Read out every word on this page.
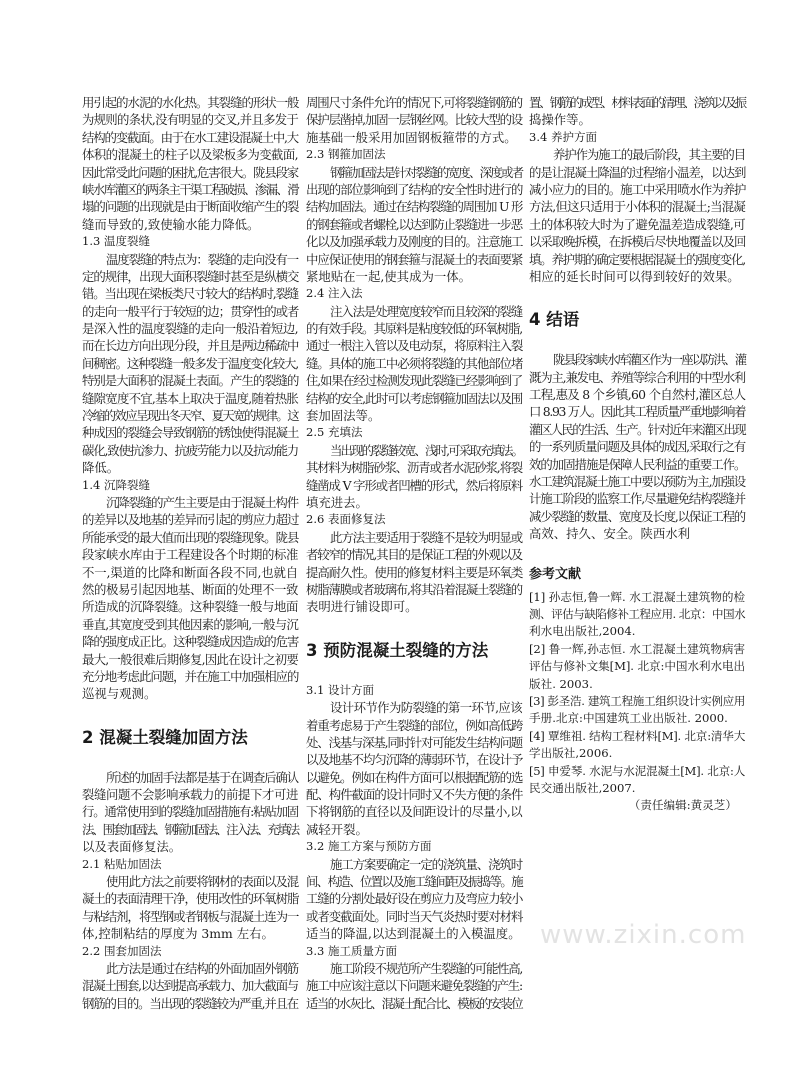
用引起的水泥的水化热。其裂缝的形状一般
为规则的条状,没有明显的交叉,并且多发于
结构的变截面。由于在水工建设混凝土中,大
体积的混凝土的柱子以及梁板多为变截面,
因此常受此问题的困扰,危害很大。陇县段家
峡水库灌区的两条主干渠工程破损、渗漏、滑
塌的问题的出现就是由于断面收缩产生的裂
缝而导致的,致使输水能力降低。
1.3 温度裂缝
温度裂缝的特点为：裂缝的走向没有一
定的规律，出现大面积裂缝时甚至是纵横交
错。当出现在梁板类尺寸较大的结构时,裂缝
的走向一般平行于较短的边；贯穿性的或者
是深入性的温度裂缝的走向一般沿着短边,
而在长边方向出现分段，并且是两边稀疏中
间稠密。这种裂缝一般多发于温度变化较大,
特别是大面积的混凝土表面。产生的裂缝的
缝隙宽度不宜,基本上取决于温度,随着热胀
冷缩的效应呈现出冬天窄、夏天宽的规律。这
种成因的裂缝会导致钢筋的锈蚀使得混凝土
碳化,致使抗渗力、抗疲劳能力以及抗动能力
降低。
1.4 沉降裂缝
沉降裂缝的产生主要是由于混凝土构件
的差异以及地基的差异而引起的剪应力超过
所能承受的最大值而出现的裂缝现象。陇县
段家峡水库由于工程建设各个时期的标准
不一,渠道的比降和断面各段不同,也就自
然的极易引起因地基、断面的处理不一致
所造成的沉降裂缝。这种裂缝一般与地面
垂直,其宽度受到其他因素的影响,一般与沉
降的强度成正比。这种裂缝成因造成的危害
最大,一般很难后期修复,因此在设计之初要
充分地考虑此问题，并在施工中加强相应的
巡视与观测。
2 混凝土裂缝加固方法
所述的加固手法都是基于在调查后确认
裂缝问题不会影响承载力的前提下才可进
行。通常使用到的裂缝加固措施有:粘贴加固
法、围套加固法、钢箍加固法、注入法、充填法
以及表面修复法。
2.1 粘贴加固法
使用此方法之前要将钢材的表面以及混
凝土的表面清理干净，使用改性的环氧树脂
与粘结剂，将型钢或者钢板与混凝土连为一
体,控制粘结的厚度为 3mm 左右。
2.2 围套加固法
此方法是通过在结构的外面加固外钢筋
混凝土围套,以达到提高承载力、加大截面与
钢筋的目的。当出现的裂缝较为严重,并且在
周围尺寸条件允许的情况下,可将裂缝钢筋的
保护层凿掉,加固一层钢丝网。比较大型的设
施基础一般采用加固钢板箍带的方式。
2.3 钢箍加固法
钢箍加固法是针对裂缝的宽度、深度或者
出现的部位影响到了结构的安全性时进行的
结构加固法。通过在结构裂缝的周围加 U 形
的钢套箍或者螺栓,以达到防止裂缝进一步恶
化以及加强承载力及刚度的目的。注意施工
中应保证使用的钢套箍与混凝土的表面要紧
紧地贴在一起,使其成为一体。
2.4 注入法
注入法是处理宽度较窄而且较深的裂缝
的有效手段。其原料是粘度较低的环氧树脂,
通过一根注入管以及电动泵，将原料注入裂
缝。具体的施工中必须将裂缝的其他部位堵
住,如果在经过检测发现此裂缝已经影响到了
结构的安全,此时可以考虑钢箍加固法以及围
套加固法等。
2.5 充填法
当出现的裂缝较宽、浅时,可采取充填法。
其材料为树脂砂浆、沥青或者水泥砂浆,将裂
缝凿成 V 字形或者凹槽的形式，然后将原料
填充进去。
2.6 表面修复法
此方法主要适用于裂缝不是较为明显或
者较窄的情况,其目的是保证工程的外观以及
提高耐久性。使用的修复材料主要是环氧类
树脂薄膜或者玻璃布,将其沿着混凝土裂缝的
表明进行铺设即可。
3 预防混凝土裂缝的方法
3.1 设计方面
设计环节作为防裂缝的第一环节,应该
着重考虑易于产生裂缝的部位，例如高低跨
处、浅基与深基,同时针对可能发生结构问题
以及地基不均匀沉降的薄弱环节，在设计予
以避免。例如在构件方面可以根据配筋的选
配、构件截面的设计同时又不失方便的条件
下将钢筋的直径以及间距设计的尽量小,以
减轻开裂。
3.2 施工方案与预防方面
施工方案要确定一定的浇筑量、浇筑时
间、构造、位置以及施工缝间距及振捣等。施
工缝的分割处最好设在剪应力及弯应力较小
或者变截面处。同时当天气炎热时要对材料
适当的降温,以达到混凝土的入模温度。
3.3 施工质量方面
施工阶段不规范所产生裂缝的可能性高,
施工中应该注意以下问题来避免裂缝的产生:
适当的水灰比、混凝土配合比、模板的安装位
置、钢筋的成型、材料表面的清理、浇筑以及振
捣操作等。
3.4 养护方面
养护作为施工的最后阶段，其主要的目
的是让混凝土降温的过程缩小温差，以达到
减小应力的目的。施工中采用喷水作为养护
方法,但这只适用于小体积的混凝土;当混凝
土的体积较大时为了避免温差造成裂缝,可
以采取晚拆模，在拆模后尽快地覆盖以及回
填。养护期的确定要根据混凝土的强度变化,
相应的延长时间可以得到较好的效果。
4 结语
陇县段家峡水库灌区作为一座以防洪、灌
溉为主,兼发电、养殖等综合利用的中型水利
工程,惠及 8 个乡镇,60 个自然村,灌区总人
口 8.93 万人。因此其工程质量严重地影响着
灌区人民的生活、生产。针对近年来灌区出现
的一系列质量问题及具体的成因,采取行之有
效的加固措施是保障人民利益的重要工作。
水工建筑混凝土施工中要以预防为主,加强设
计施工阶段的监察工作,尽量避免结构裂缝并
减少裂缝的数量、宽度及长度,以保证工程的
高效、持久、安全。陕西水利
参考文献
[1] 孙志恒,鲁一辉. 水工混凝土建筑物的检
测、评估与缺陷修补工程应用. 北京：中国水
利水电出版社,2004.
[2] 鲁一辉,孙志恒. 水工混凝土建筑物病害
评估与修补文集[M]. 北京:中国水利水电出
版社. 2003.
[3] 彭圣浩. 建筑工程施工组织设计实例应用
手册.北京:中国建筑工业出版社. 2000.
[4] 覃维祖. 结构工程材料[M]. 北京:清华大
学出版社,2006.
[5] 申爱琴. 水泥与水泥混凝土[M]. 北京:人
民交通出版社,2007.
（责任编辑:黄灵芝）
www.zixin.com
